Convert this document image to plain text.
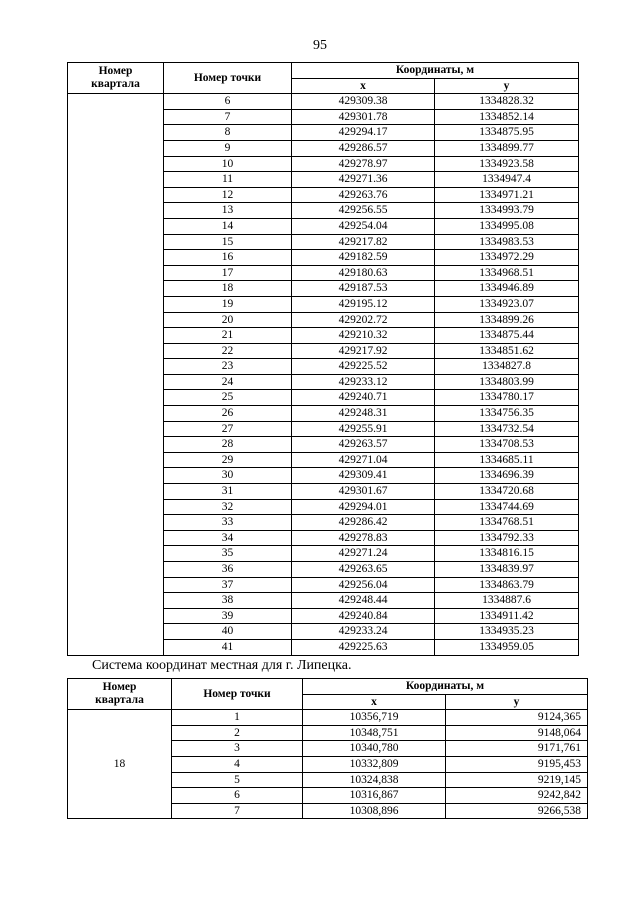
95
Номер
квартала	Номер точки	Координаты, м	
		x	y
	6	429309.38	1334828.32
	7	429301.78	1334852.14
	8	429294.17	1334875.95
	9	429286.57	1334899.77
	10	429278.97	1334923.58
	11	429271.36	1334947.4
	12	429263.76	1334971.21
	13	429256.55	1334993.79
	14	429254.04	1334995.08
	15	429217.82	1334983.53
	16	429182.59	1334972.29
	17	429180.63	1334968.51
	18	429187.53	1334946.89
	19	429195.12	1334923.07
	20	429202.72	1334899.26
	21	429210.32	1334875.44
	22	429217.92	1334851.62
	23	429225.52	1334827.8
	24	429233.12	1334803.99
	25	429240.71	1334780.17
	26	429248.31	1334756.35
	27	429255.91	1334732.54
	28	429263.57	1334708.53
	29	429271.04	1334685.11
	30	429309.41	1334696.39
	31	429301.67	1334720.68
	32	429294.01	1334744.69
	33	429286.42	1334768.51
	34	429278.83	1334792.33
	35	429271.24	1334816.15
	36	429263.65	1334839.97
	37	429256.04	1334863.79
	38	429248.44	1334887.6
	39	429240.84	1334911.42
	40	429233.24	1334935.23
	41	429225.63	1334959.05
Система координат местная для г. Липецка.
Номер
квартала	Номер точки	Координаты, м	
		x	y
18	1	10356,719	9124,365
	2	10348,751	9148,064
	3	10340,780	9171,761
	4	10332,809	9195,453
	5	10324,838	9219,145
	6	10316,867	9242,842
	7	10308,896	9266,538
